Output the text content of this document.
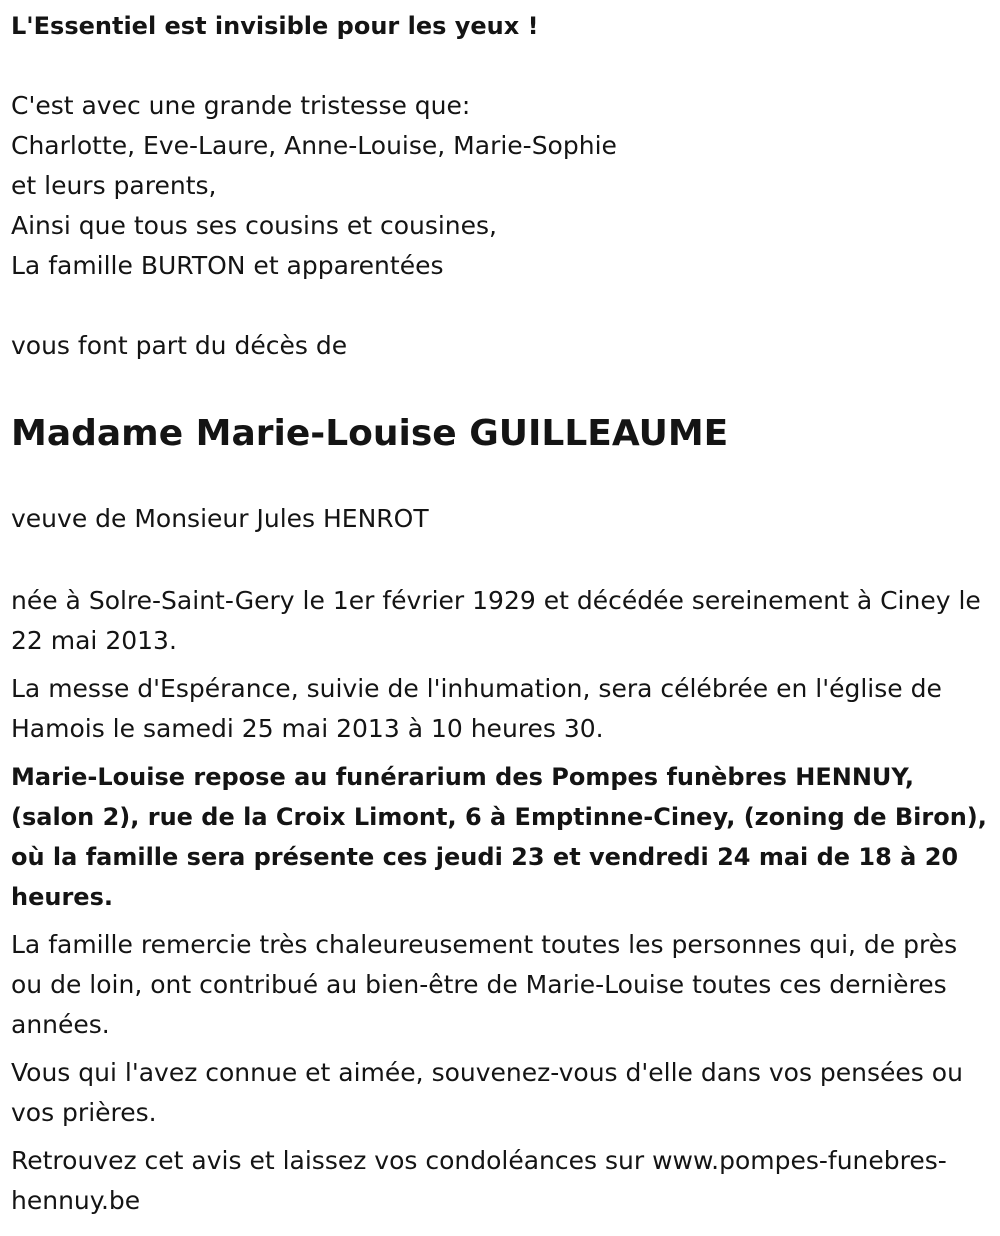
L'Essentiel est invisible pour les yeux !

C'est avec une grande tristesse que:
Charlotte, Eve-Laure, Anne-Louise, Marie-Sophie
et leurs parents,
Ainsi que tous ses cousins et cousines,
La famille BURTON et apparentées

vous font part du décès de

Madame Marie-Louise GUILLEAUME

veuve de Monsieur Jules HENROT

née à Solre-Saint-Gery le 1er février 1929 et décédée sereinement à Ciney le 22 mai 2013.

La messe d'Espérance, suivie de l'inhumation, sera célébrée en l'église de Hamois le samedi 25 mai 2013 à 10 heures 30.

Marie-Louise repose au funérarium des Pompes funèbres HENNUY, (salon 2), rue de la Croix Limont, 6 à Emptinne-Ciney, (zoning de Biron), où la famille sera présente ces jeudi 23 et vendredi 24 mai de 18 à 20 heures.

La famille remercie très chaleureusement toutes les personnes qui, de près ou de loin, ont contribué au bien-être de Marie-Louise toutes ces dernières années.

Vous qui l'avez connue et aimée, souvenez-vous d'elle dans vos pensées ou vos prières.

Retrouvez cet avis et laissez vos condoléances sur www.pompes-funebres-hennuy.be
